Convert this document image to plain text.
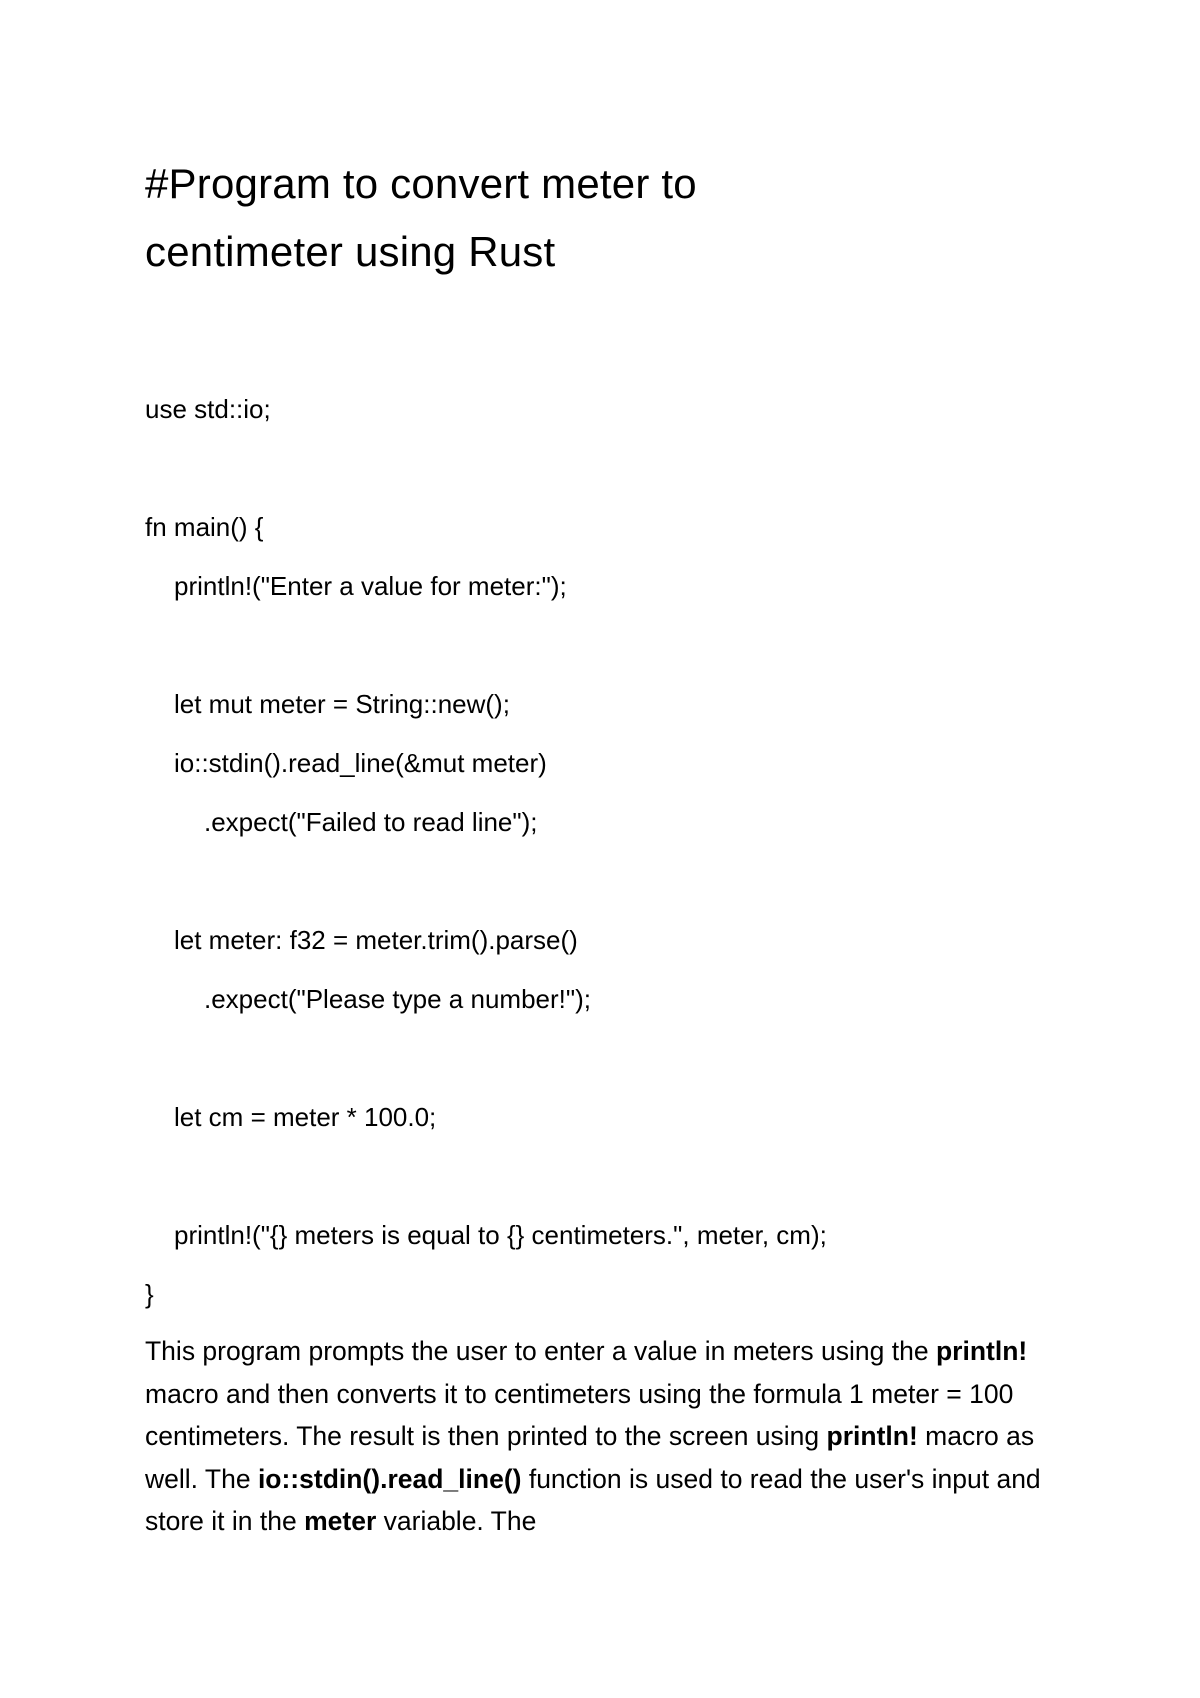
#Program to convert meter to
centimeter using Rust
use std::io;
fn main() {
println!("Enter a value for meter:");
let mut meter = String::new();
io::stdin().read_line(&mut meter)
.expect("Failed to read line");
let meter: f32 = meter.trim().parse()
.expect("Please type a number!");
let cm = meter * 100.0;
println!("{} meters is equal to {} centimeters.", meter, cm);
}

This program prompts the user to enter a value in meters using the println! macro and then converts it to centimeters using the formula 1 meter = 100 centimeters. The result is then printed to the screen using println! macro as well. The io::stdin().read_line() function is used to read the user's input and store it in the meter variable. The
